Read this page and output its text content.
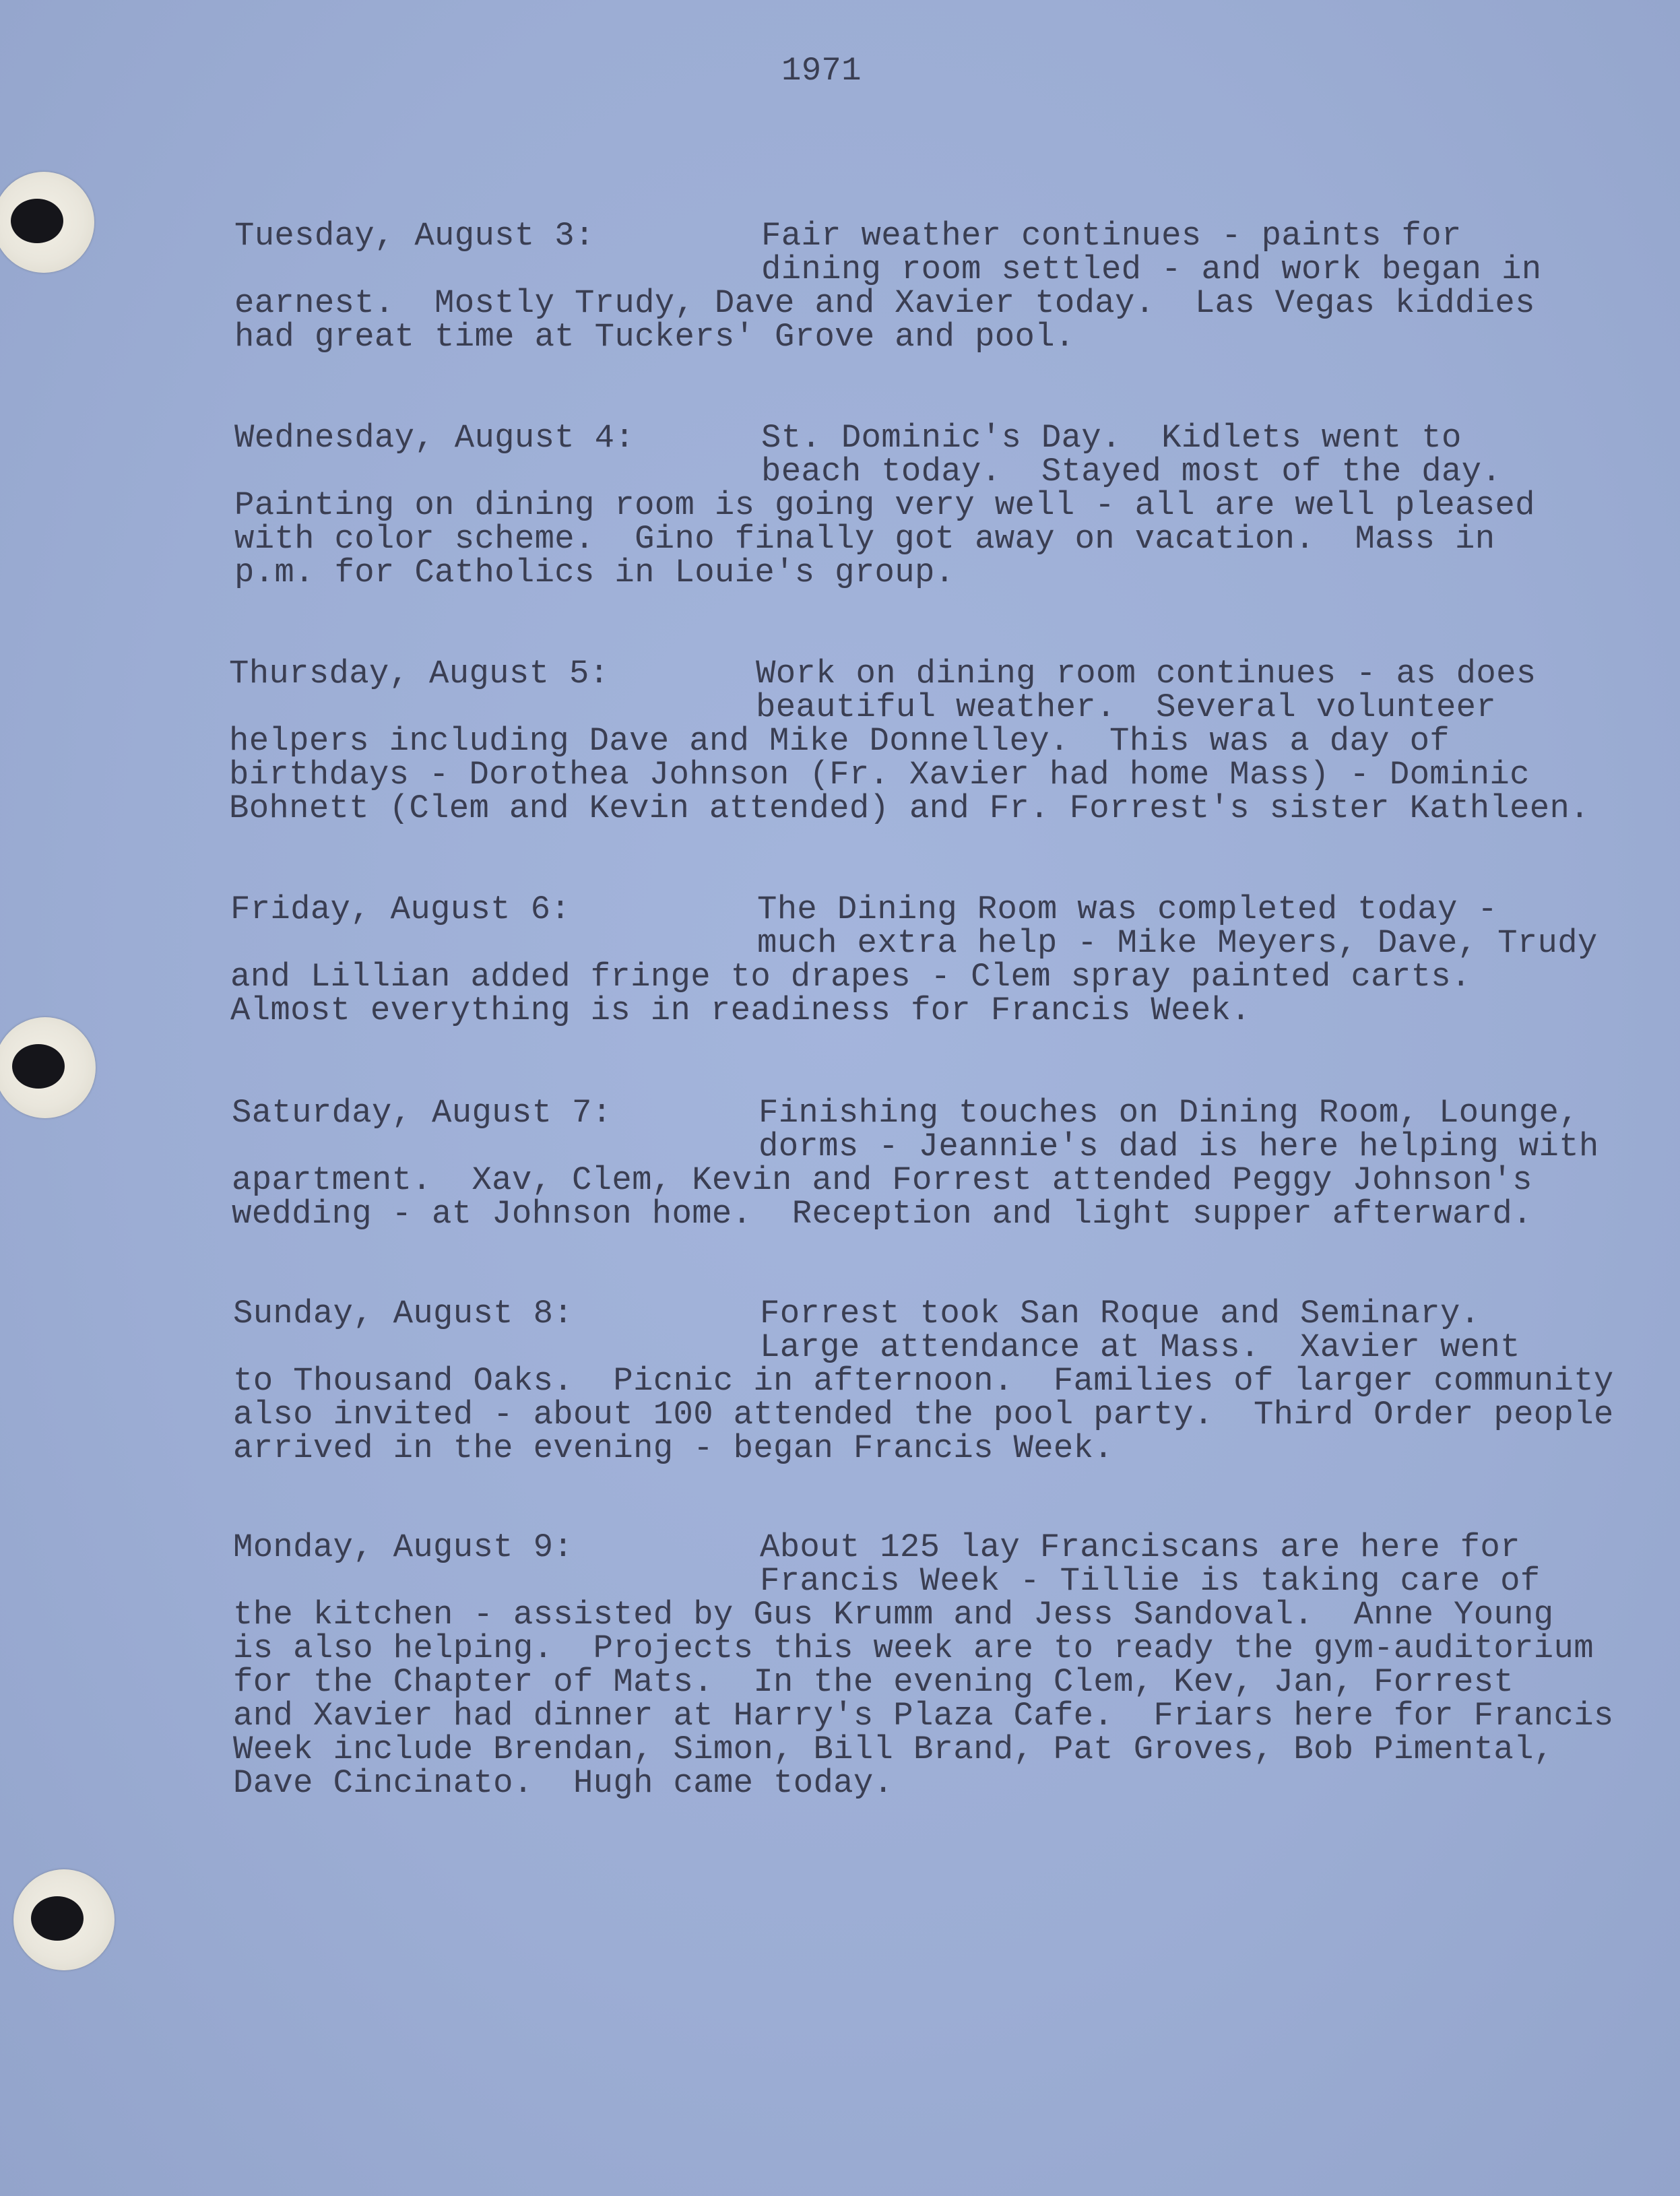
1971

Tuesday, August 3:

	Fair weather continues - paints for

dining room settled - and work began in

earnest.  Mostly Trudy, Dave and Xavier today.  Las Vegas kiddies

had great time at Tuckers' Grove and pool.

Wednesday, August 4:

	St. Dominic's Day.  Kidlets went to

beach today.  Stayed most of the day.

Painting on dining room is going very well - all are well pleased

with color scheme.  Gino finally got away on vacation.  Mass in

p.m. for Catholics in Louie's group.

Thursday, August 5:

	Work on dining room continues - as does

beautiful weather.  Several volunteer

helpers including Dave and Mike Donnelley.  This was a day of

birthdays - Dorothea Johnson (Fr. Xavier had home Mass) - Dominic

Bohnett (Clem and Kevin attended) and Fr. Forrest's sister Kathleen.

Friday, August 6:

	The Dining Room was completed today -

much extra help - Mike Meyers, Dave, Trudy

and Lillian added fringe to drapes - Clem spray painted carts.

Almost everything is in readiness for Francis Week.

Saturday, August 7:

	Finishing touches on Dining Room, Lounge,

dorms - Jeannie's dad is here helping with

apartment.  Xav, Clem, Kevin and Forrest attended Peggy Johnson's

wedding - at Johnson home.  Reception and light supper afterward.

Sunday, August 8:

	Forrest took San Roque and Seminary.

Large attendance at Mass.  Xavier went

to Thousand Oaks.  Picnic in afternoon.  Families of larger community

also invited - about 100 attended the pool party.  Third Order people

arrived in the evening - began Francis Week.

Monday, August 9:

	About 125 lay Franciscans are here for

Francis Week - Tillie is taking care of

the kitchen - assisted by Gus Krumm and Jess Sandoval.  Anne Young

is also helping.  Projects this week are to ready the gym-auditorium

for the Chapter of Mats.  In the evening Clem, Kev, Jan, Forrest

and Xavier had dinner at Harry's Plaza Cafe.  Friars here for Francis

Week include Brendan, Simon, Bill Brand, Pat Groves, Bob Pimental,

Dave Cincinato.  Hugh came today.
